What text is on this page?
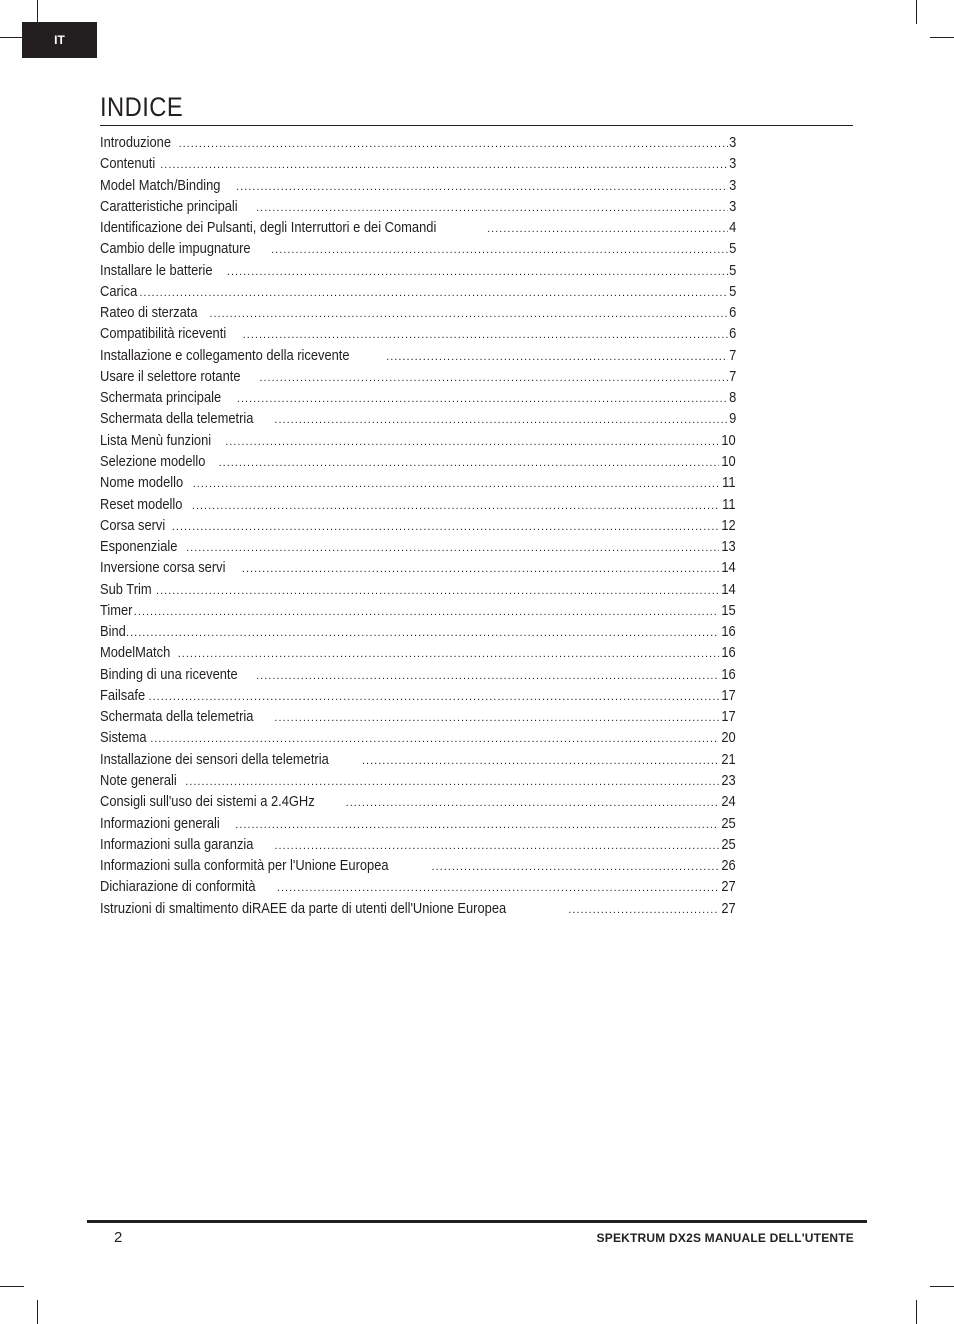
IT
INDICE
Introduzione .....	3
Contenuti .....	3
Model Match/Binding .....	3
Caratteristiche principali .....	3
Identificazione dei Pulsanti, degli Interruttori e dei Comandi .....	4
Cambio delle impugnature .....	5
Installare le batterie .....	5
Carica .....	5
Rateo di sterzata .....	6
Compatibilità riceventi .....	6
Installazione e collegamento della ricevente .....	7
Usare il selettore rotante .....	7
Schermata principale .....	8
Schermata della telemetria .....	9
Lista Menù funzioni .....	10
Selezione modello .....	10
Nome modello .....	11
Reset modello .....	11
Corsa servi .....	12
Esponenziale .....	13
Inversione corsa servi .....	14
Sub Trim .....	14
Timer .....	15
Bind .....	16
ModelMatch .....	16
Binding di una ricevente .....	16
Failsafe .....	17
Schermata della telemetria .....	17
Sistema .....	20
Installazione dei sensori della telemetria .....	21
Note generali .....	23
Consigli sull'uso dei sistemi a 2.4GHz .....	24
Informazioni generali .....	25
Informazioni sulla garanzia .....	25
Informazioni sulla conformità per l'Unione Europea .....	26
Dichiarazione di conformità .....	27
Istruzioni di smaltimento diRAEE da parte di utenti dell'Unione Europea .....	27
2	SPEKTRUM DX2S MANUALE DELL'UTENTE
